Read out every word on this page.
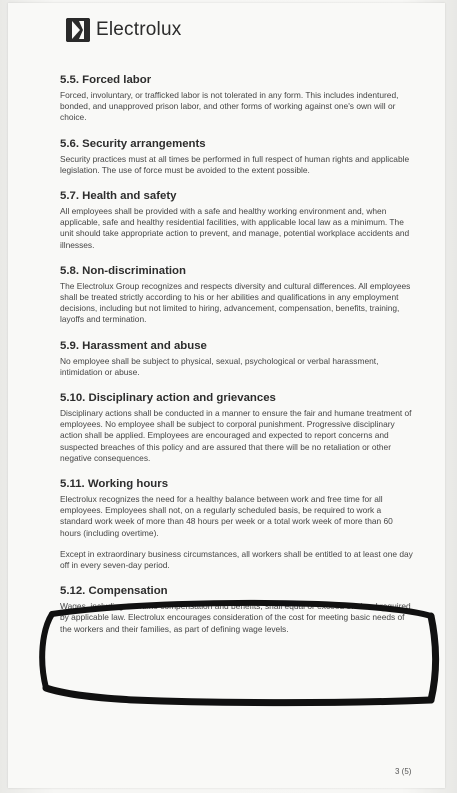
Electrolux
5.5. Forced labor

Forced, involuntary, or trafficked labor is not tolerated in any form. This includes indentured, bonded, and unapproved prison labor, and other forms of working against one's own will or choice.

5.6. Security arrangements

Security practices must at all times be performed in full respect of human rights and applicable legislation. The use of force must be avoided to the extent possible.

5.7. Health and safety

All employees shall be provided with a safe and healthy working environment and, when applicable, safe and healthy residential facilities, with applicable local law as a minimum. The unit should take appropriate action to prevent, and manage, potential workplace accidents and illnesses.

5.8. Non-discrimination

The Electrolux Group recognizes and respects diversity and cultural differences. All employees shall be treated strictly according to his or her abilities and qualifications in any employment decisions, including but not limited to hiring, advancement, compensation, benefits, training, layoffs and termination.

5.9. Harassment and abuse

No employee shall be subject to physical, sexual, psychological or verbal harassment, intimidation or abuse.

5.10. Disciplinary action and grievances

Disciplinary actions shall be conducted in a manner to ensure the fair and humane treatment of employees. No employee shall be subject to corporal punishment. Progressive disciplinary action shall be applied. Employees are encouraged and expected to report concerns and suspected breaches of this policy and are assured that there will be no retaliation or other negative consequences.

5.11. Working hours

Electrolux recognizes the need for a healthy balance between work and free time for all employees. Employees shall not, on a regularly scheduled basis, be required to work a standard work week of more than 48 hours per week or a total work week of more than 60 hours (including overtime).

Except in extraordinary business circumstances, all workers shall be entitled to at least one day off in every seven-day period.

5.12. Compensation

Wages, including overtime compensation and benefits, shall equal or exceed the level required by applicable law. Electrolux encourages consideration of the cost for meeting basic needs of the workers and their families, as part of defining wage levels.

3 (5)
